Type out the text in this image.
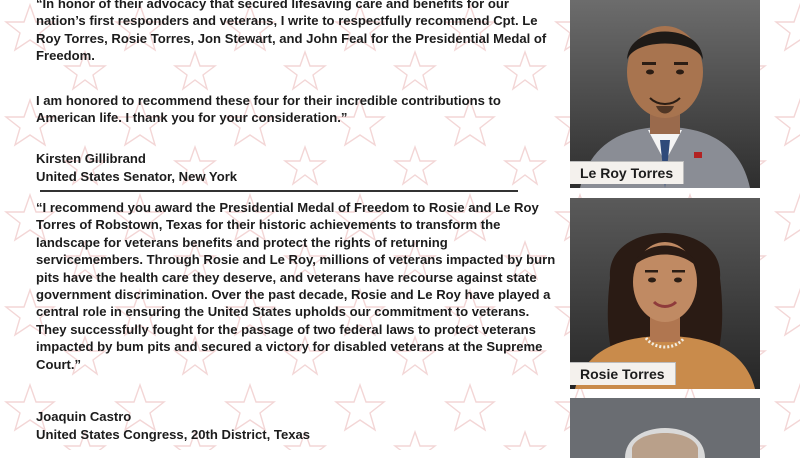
“In honor of their advocacy that secured lifesaving care and benefits for our nation’s first responders and veterans, I write to respectfully recommend Cpt. Le Roy Torres, Rosie Torres, Jon Stewart, and John Feal for the Presidential Medal of Freedom.

I am honored to recommend these four for their incredible contributions to American life. I thank you for your consideration.”

Kirsten Gillibrand
United States Senator, New York

“I recommend you award the Presidential Medal of Freedom to Rosie and Le Roy Torres of Robstown, Texas for their historic achievements to transform the landscape for veterans benefits and protect the rights of returning servicemembers. Through Rosie and Le Roy, millions of veterans impacted by burn pits have the health care they deserve, and veterans have recourse against state government discrimination. Over the past decade, Rosie and Le Roy have played a central role in ensuring the United States upholds our commitment to veterans. They successfully fought for the passage of two federal laws to protect veterans impacted by bum pits and secured a victory for disabled veterans at the Supreme Court.”

Joaquin Castro
United States Congress, 20th District, Texas
Le Roy Torres
Rosie Torres
